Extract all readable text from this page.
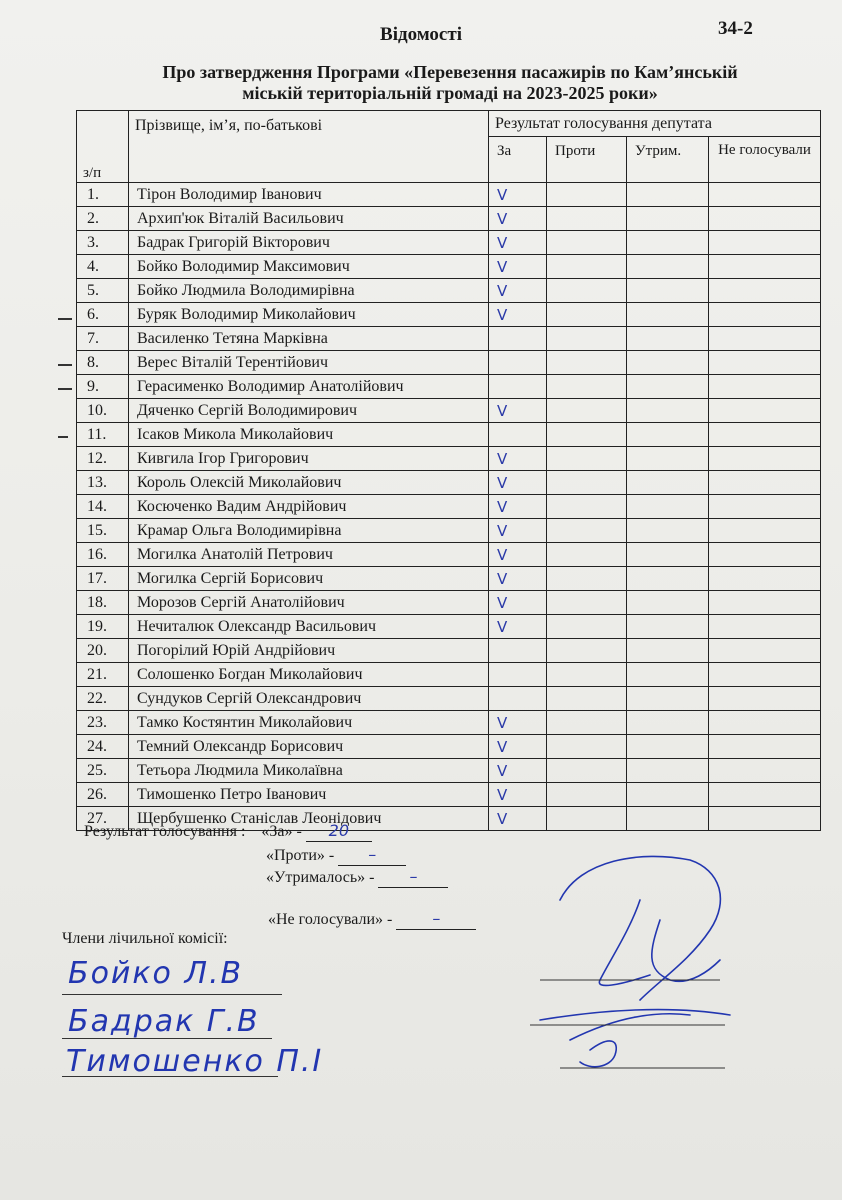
Відомості	34-2
Про затвердження Програми «Перевезення пасажирів по Кам’янській
міській територіальній громаді на 2023-2025 роки»
з/п	Прізвище, ім’я, по-батькові	Результат голосування депутата			
		За	Проти	Утрим.	Не голосували
1.	Тірон Володимир Іванович	V			
2.	Архип'юк Віталій Васильович	V			
3.	Бадрак Григорій Вікторович	V			
4.	Бойко Володимир Максимович	V			
5.	Бойко Людмила Володимирівна	V			
6.	Буряк Володимир Миколайович	V			
7.	Василенко Тетяна Марківна				
8.	Верес Віталій Терентійович				
9.	Герасименко Володимир Анатолійович				
10.	Дяченко Сергій Володимирович	V			
11.	Ісаков Микола Миколайович				
12.	Кивгила Ігор Григорович	V			
13.	Король Олексій Миколайович	V			
14.	Косюченко Вадим Андрійович	V			
15.	Крамар Ольга Володимирівна	V			
16.	Могилка Анатолій Петрович	V			
17.	Могилка Сергій Борисович	V			
18.	Морозов Сергій Анатолійович	V			
19.	Нечиталюк Олександр Васильович	V			
20.	Погорілий Юрій Андрійович				
21.	Солошенко Богдан Миколайович				
22.	Сундуков Сергій Олександрович				
23.	Тамко Костянтин Миколайович	V			
24.	Темний Олександр Борисович	V			
25.	Тетьора Людмила Миколаївна	V			
26.	Тимошенко Петро Іванович	V			
27.	Щербушенко Станіслав Леонідович	V			
Результат голосування : «За» - 20
«Проти» - –
«Утрималось» - –
«Не голосували» -	–
Члени лічильної комісії:
Бойко Л.В
Бадрак Г.В
Тимошенко П.І
